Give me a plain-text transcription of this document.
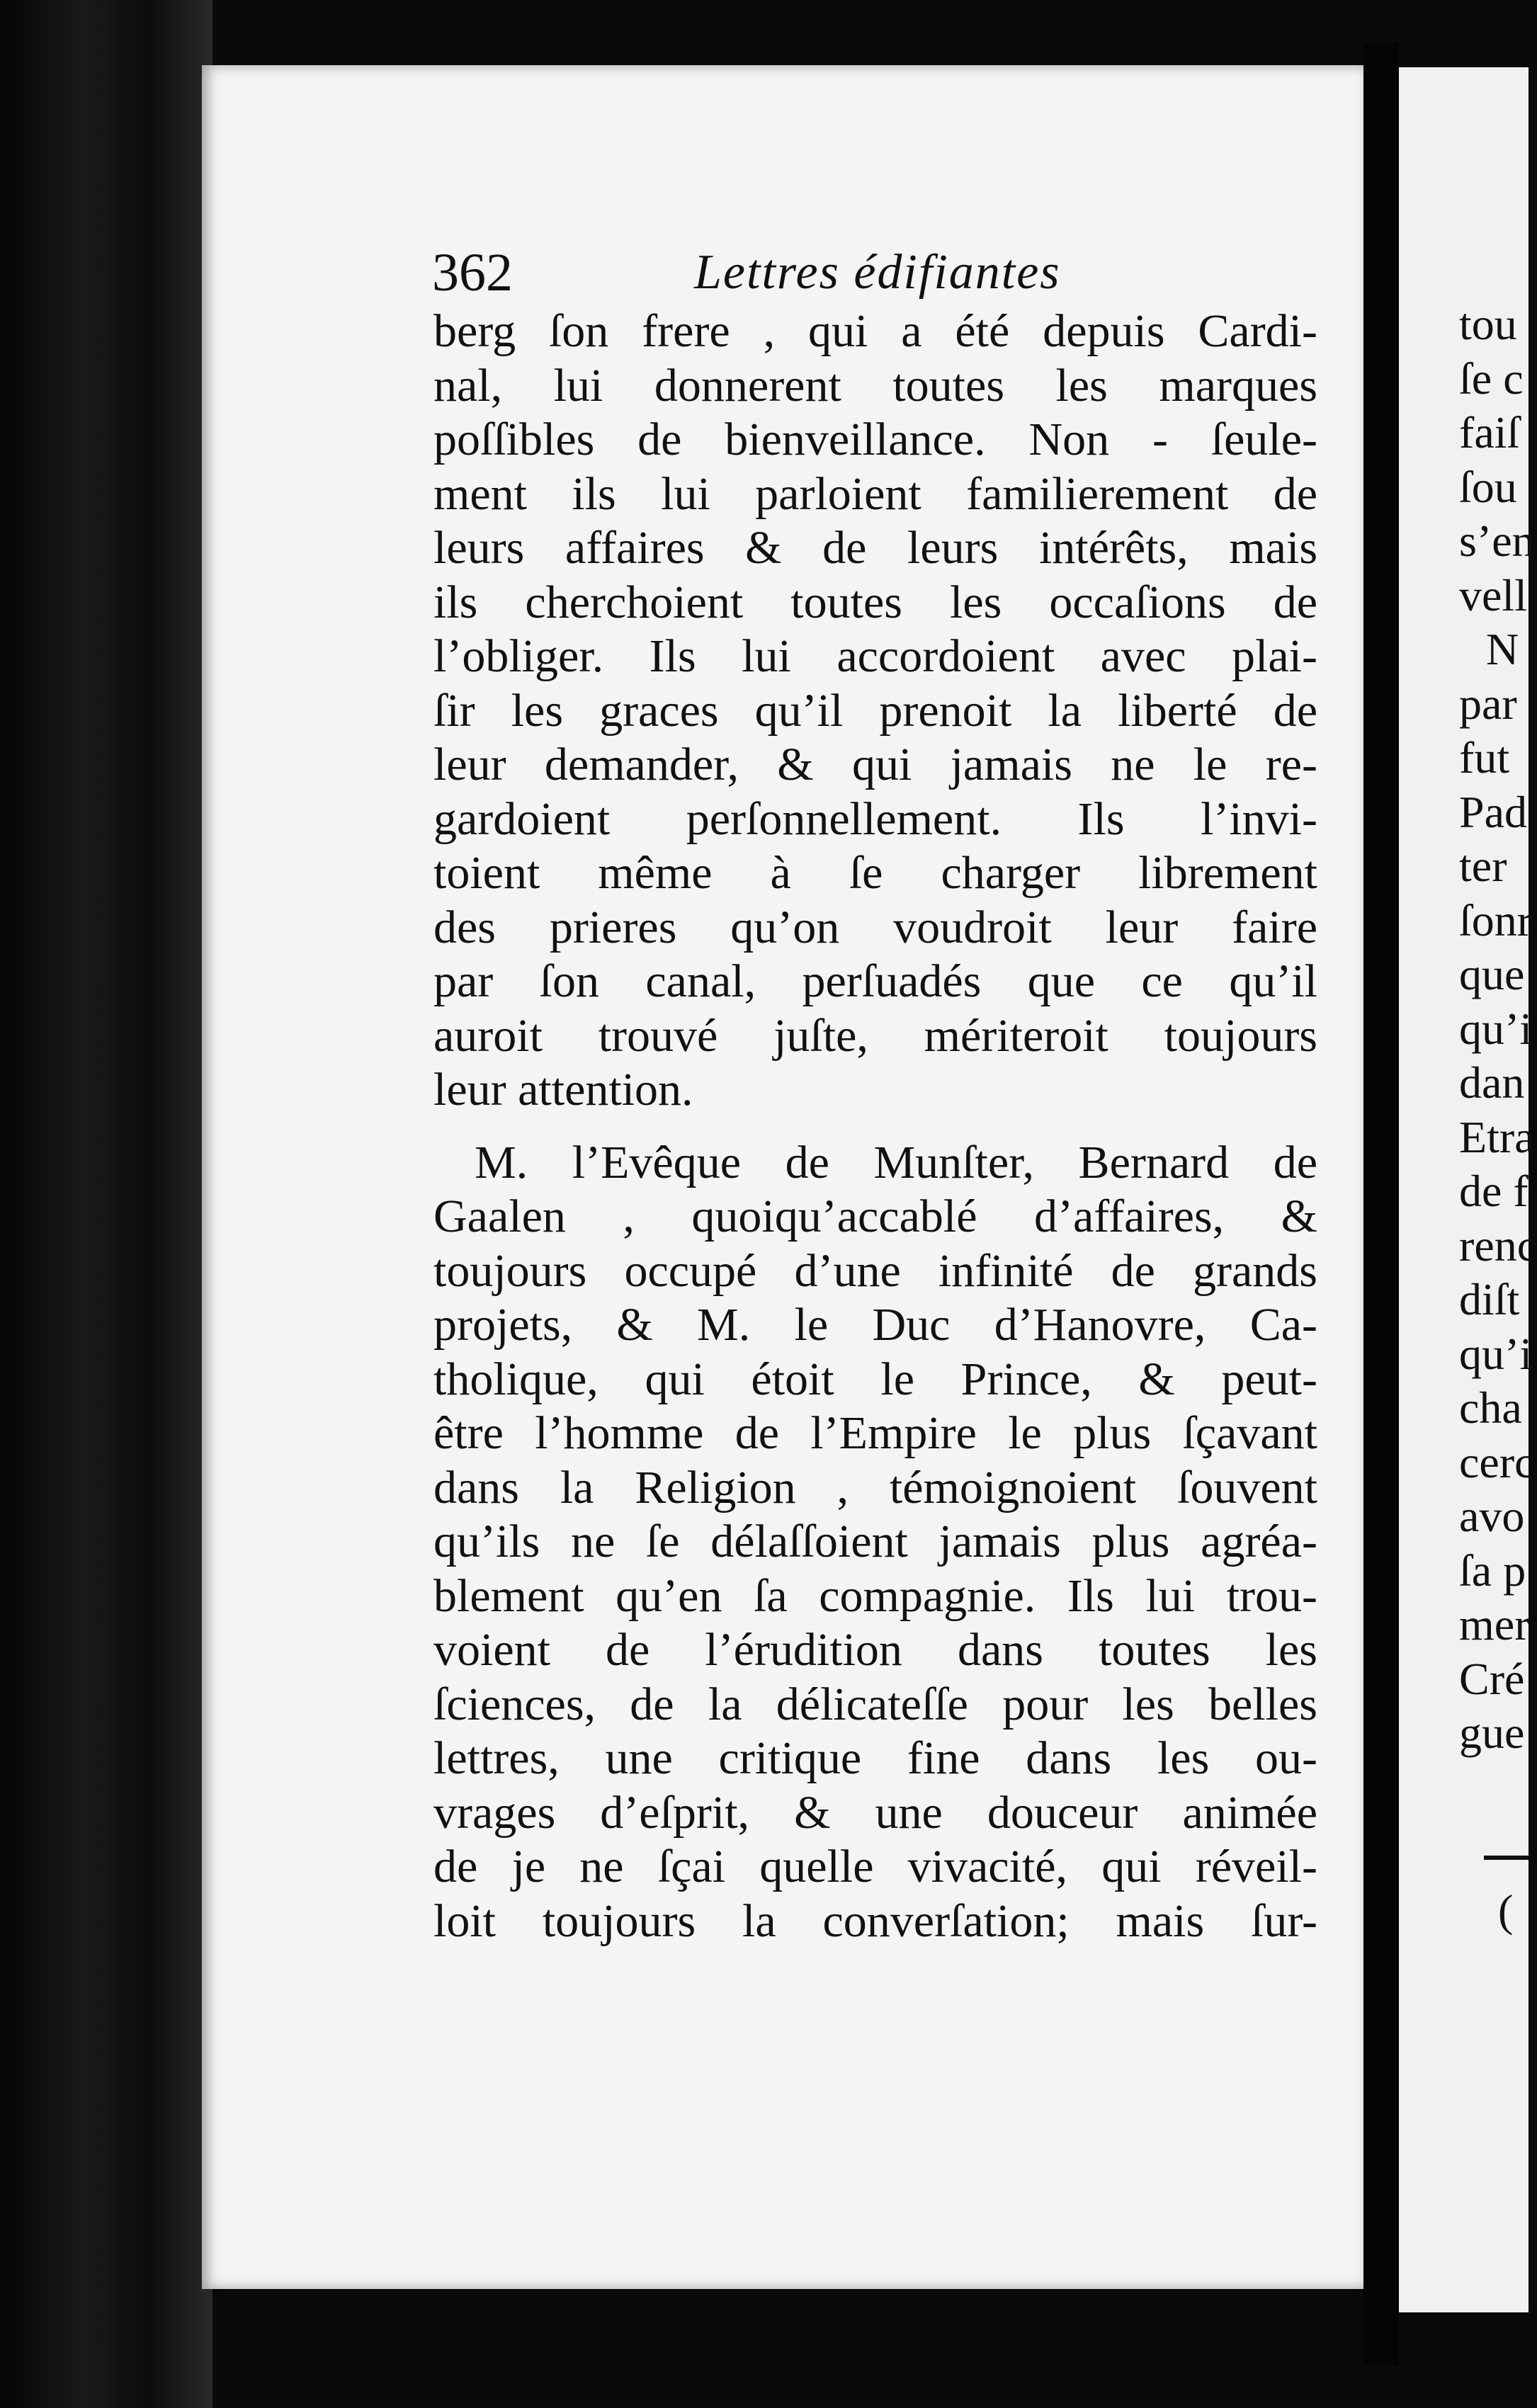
362	Lettres édifiantes
berg ſon frere , qui a été depuis Cardi-
nal, lui donnerent toutes les marques
poſſibles de bienveillance. Non - ſeule-
ment ils lui parloient familierement de
leurs affaires & de leurs intérêts, mais
ils cherchoient toutes les occaſions de
l’obliger. Ils lui accordoient avec plai-
ſir les graces qu’il prenoit la liberté de
leur demander, & qui jamais ne le re-
gardoient perſonnellement. Ils l’invi-
toient même à ſe charger librement
des prieres qu’on voudroit leur faire
par ſon canal, perſuadés que ce qu’il
auroit trouvé juſte, mériteroit toujours
leur attention.
M. l’Evêque de Munſter, Bernard de
Gaalen , quoiqu’accablé d’affaires, &
toujours occupé d’une infinité de grands
projets, & M. le Duc d’Hanovre, Ca-
tholique, qui étoit le Prince, & peut-
être l’homme de l’Empire le plus ſçavant
dans la Religion , témoignoient ſouvent
qu’ils ne ſe délaſſoient jamais plus agréa-
blement qu’en ſa compagnie. Ils lui trou-
voient de l’érudition dans toutes les
ſciences, de la délicateſſe pour les belles
lettres, une critique fine dans les ou-
vrages d’eſprit, & une douceur animée
de je ne ſçai quelle vivacité, qui réveil-
loit toujours la converſation; mais ſur-
tou
ſe c
faiſ
ſou
s’en
vell
N
par
fut
Pad
ter
ſonr
que
qu’i
dan
Etra
de f
renc
diſt
qu’i
cha
cerc
avo
ſa p
mer
Cré
gue
(
